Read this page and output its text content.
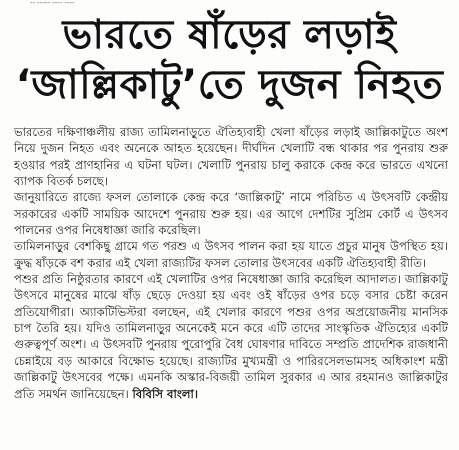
-- ----- ---- ----
ভারতে ষাঁড়ের লড়াই
‘জাল্লিকাটু’তে দুজন নিহত

ভারতের দক্ষিণাঞ্চলীয় রাজ্য তামিলনাড়ুতে ঐতিহ্যবাহী খেলা ষাঁড়ের লড়াই জাল্লিকাটুতে অংশ নিয়ে দুজন নিহত এবং অনেকে আহত হয়েছেন। দীর্ঘদিন খেলাটি বন্ধ থাকার পর পুনরায় শুরু হওয়ার পরই প্রাণহানির এ ঘটনা ঘটল। খেলাটি পুনরায় চালু করাকে কেন্দ্র করে ভারতে এখনো ব্যাপক বিতর্ক চলছে।

জানুয়ারিতে রাজ্যে ফসল তোলাকে কেন্দ্র করে ‘জাল্লিকাটু’ নামে পরিচিত এ উৎসবটি কেন্দ্রীয় সরকারের একটি সাময়িক আদেশে পুনরায় শুরু হয়। এর আগে দেশটির সুপ্রিম কোর্ট এ উৎসব পালনের ওপর নিষেধাজ্ঞা জারি করেছিল।

তামিলনাড়ুর বেশকিছু গ্রামে গত পরশু এ উৎসব পালন করা হয় যাতে প্রচুর মানুষ উপস্থিত হয়। ক্রুদ্ধ ষাঁড়কে বশ করার এই খেলা রাজ্যটির ফসল তোলার উৎসবের একটি ঐতিহ্যবাহী রীতি।

পশুর প্রতি নিষ্ঠুরতার কারণে এই খেলাটির ওপর নিষেধাজ্ঞা জারি করেছিল আদালত। জাল্লিকাটু উৎসবে মানুষের মাঝে ষাঁড় ছেড়ে দেওয়া হয় এবং ওই ষাঁড়ের ওপর চড়ে বসার চেষ্টা করেন প্রতিযোগীরা। অ্যাকটিভিস্টরা বলছেন, এই খেলার কারণে পশুর ওপর অপ্রয়োজনীয় মানসিক চাপ তৈরি হয়। যদিও তামিলনাড়ুর অনেকেই মনে করে এটি তাদের সাংস্কৃতিক ঐতিহ্যের একটি গুরুত্বপূর্ণ অংশ। এ উৎসবটি পুনরায় পুরোপুরি বৈধ ঘোষণার দাবিতে সম্প্রতি প্রাদেশিক রাজধানী চেন্নাইয়ে বড় আকারে বিক্ষোভ হয়েছে। রাজ্যটির মুখ্যমন্ত্রী ও পারিরসেলভামসহ অধিকাংশ মন্ত্রী জাল্লিকাটু উৎসবের পক্ষে। এমনকি অস্কার-বিজয়ী তামিল সুরকার এ আর রহমানও জাল্লিকাটুর প্রতি সমর্থন জানিয়েছেন। বিবিসি বাংলা।
